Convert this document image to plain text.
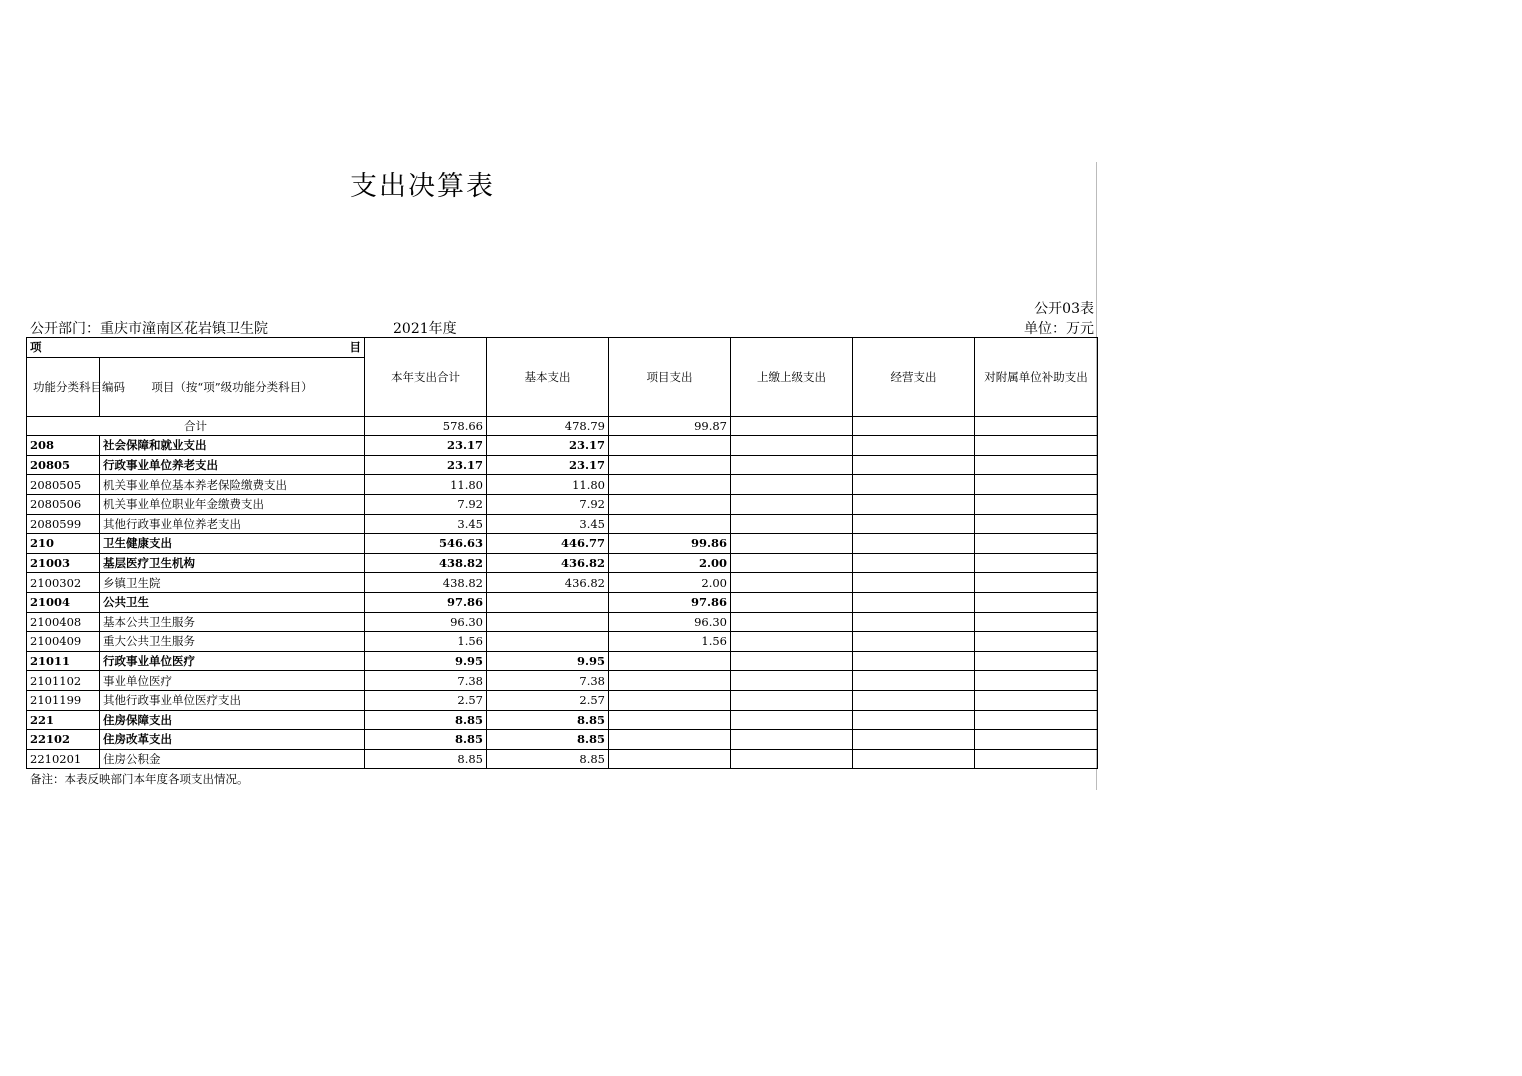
支出决算表
公开03表
公开部门：重庆市潼南区花岩镇卫生院	2021年度	单位：万元
项 目		本年支出合计	基本支出	项目支出	上缴上级支出	经营支出	对附属单位补助支出
功能分类科目编码	项目（按“项”级功能分类科目）						
合计		578.66	478.79	99.87			
208	社会保障和就业支出	23.17	23.17				
20805	行政事业单位养老支出	23.17	23.17				
2080505	机关事业单位基本养老保险缴费支出	11.80	11.80				
2080506	机关事业单位职业年金缴费支出	7.92	7.92				
2080599	其他行政事业单位养老支出	3.45	3.45				
210	卫生健康支出	546.63	446.77	99.86			
21003	基层医疗卫生机构	438.82	436.82	2.00			
2100302	乡镇卫生院	438.82	436.82	2.00			
21004	公共卫生	97.86		97.86			
2100408	基本公共卫生服务	96.30		96.30			
2100409	重大公共卫生服务	1.56		1.56			
21011	行政事业单位医疗	9.95	9.95				
2101102	事业单位医疗	7.38	7.38				
2101199	其他行政事业单位医疗支出	2.57	2.57				
221	住房保障支出	8.85	8.85				
22102	住房改革支出	8.85	8.85				
2210201	住房公积金	8.85	8.85				
备注：本表反映部门本年度各项支出情况。
